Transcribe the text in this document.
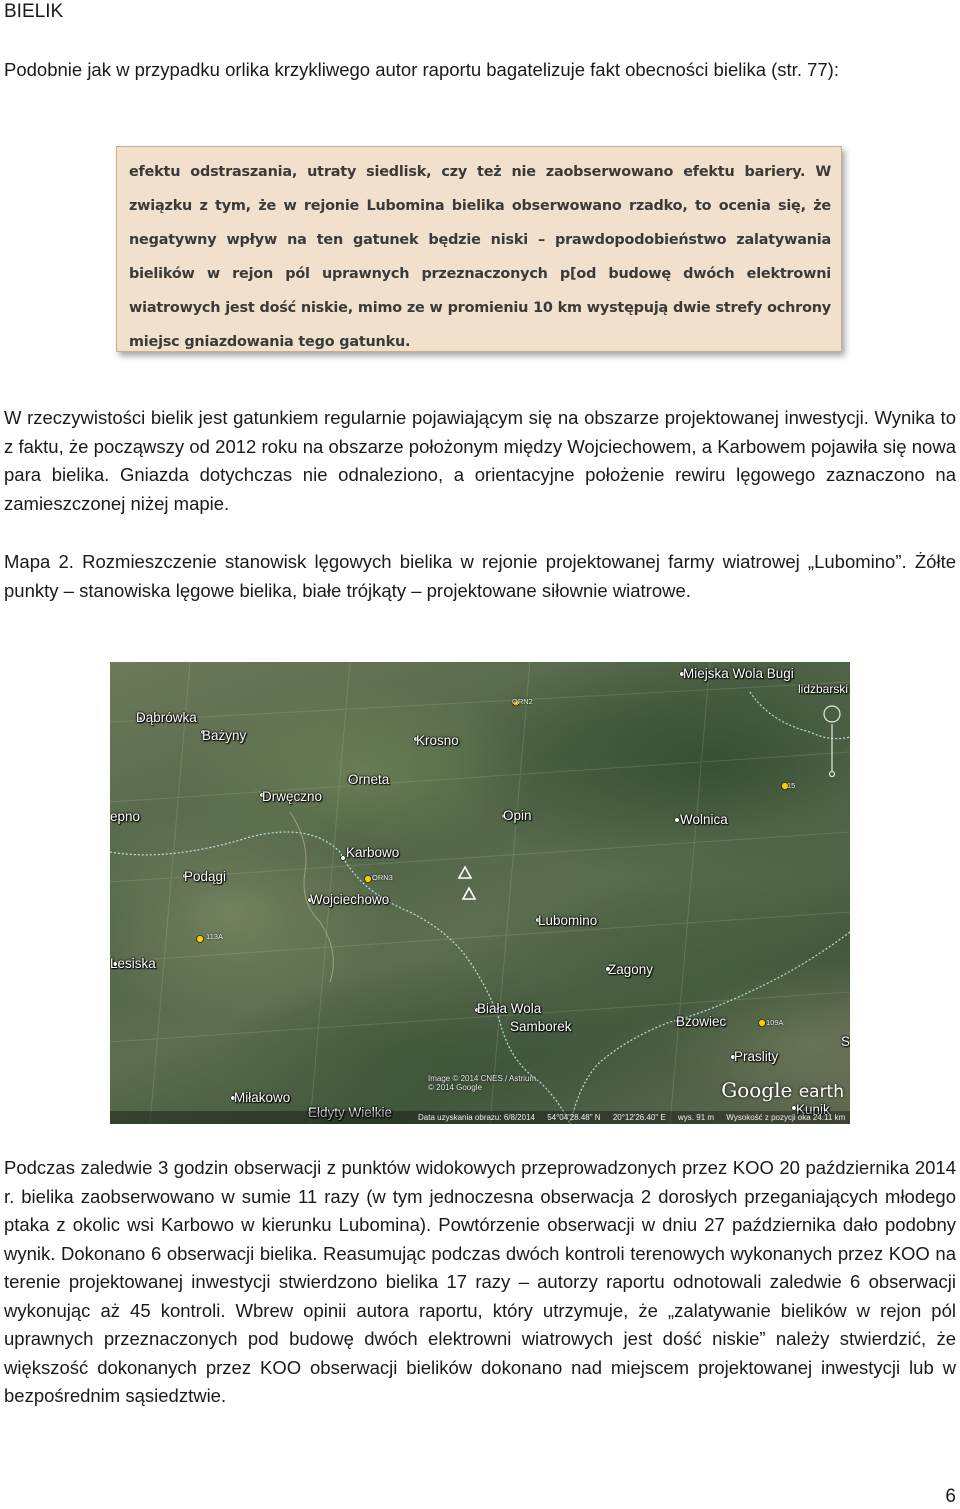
BIELIK

Podobnie jak w przypadku orlika krzykliwego autor raportu bagatelizuje fakt obecności bielika (str. 77):

efektu odstraszania, utraty siedlisk, czy też nie zaobserwowano efektu bariery. W związku z tym, że w rejonie Lubomina bielika obserwowano rzadko, to ocenia się, że negatywny wpływ na ten gatunek będzie niski – prawdopodobieństwo zalatywania bielików w rejon pól uprawnych przeznaczonych p[od budowę dwóch elektrowni wiatrowych jest dość niskie, mimo ze w promieniu 10 km występują dwie strefy ochrony miejsc gniazdowania tego gatunku.

W rzeczywistości bielik jest gatunkiem regularnie pojawiającym się na obszarze projektowanej inwestycji. Wynika to z faktu, że począwszy od 2012 roku na obszarze położonym między Wojciechowem, a Karbowem pojawiła się nowa para bielika. Gniazda dotychczas nie odnaleziono, a orientacyjne położenie rewiru lęgowego zaznaczono na zamieszczonej niżej mapie.

Mapa 2. Rozmieszczenie stanowisk lęgowych bielika w rejonie projektowanej farmy wiatrowej „Lubomino”. Żółte punkty – stanowiska lęgowe bielika, białe trójkąty – projektowane siłownie wiatrowe.

Miejska Wola Bugi
lidzbarski
Dąbrówka
Bażyny	Krosno
Orneta
Drwęczno
epno	Opin	Wolnica
Karbowo
Podągi
Wojciechowo
Lubomino
Lesiska	Zagony
Biała Wola
Samborek	Bzowiec
Praslity
S
Miłakowo
Ełdyty Wielkie	Kunik
ORN2
ORN3
113A
109A
15
Image © 2014 CNES / Astrium
© 2014 Google	Google earth
Data uzyskania obrazu: 6/8/2014 54°04'28.48" N 20°12'26.40" E wys. 91 m Wysokość z pozycji oka 24.11 km

Podczas zaledwie 3 godzin obserwacji z punktów widokowych przeprowadzonych przez KOO 20 października 2014 r. bielika zaobserwowano w sumie 11 razy (w tym jednoczesna obserwacja 2 dorosłych przeganiających młodego ptaka z okolic wsi Karbowo w kierunku Lubomina). Powtórzenie obserwacji w dniu 27 października dało podobny wynik. Dokonano 6 obserwacji bielika. Reasumując podczas dwóch kontroli terenowych wykonanych przez KOO na terenie projektowanej inwestycji stwierdzono bielika 17 razy – autorzy raportu odnotowali zaledwie 6 obserwacji wykonując aż 45 kontroli. Wbrew opinii autora raportu, który utrzymuje, że „zalatywanie bielików w rejon pól uprawnych przeznaczonych pod budowę dwóch elektrowni wiatrowych jest dość niskie” należy stwierdzić, że większość dokonanych przez KOO obserwacji bielików dokonano nad miejscem projektowanej inwestycji lub w bezpośrednim sąsiedztwie.

6
